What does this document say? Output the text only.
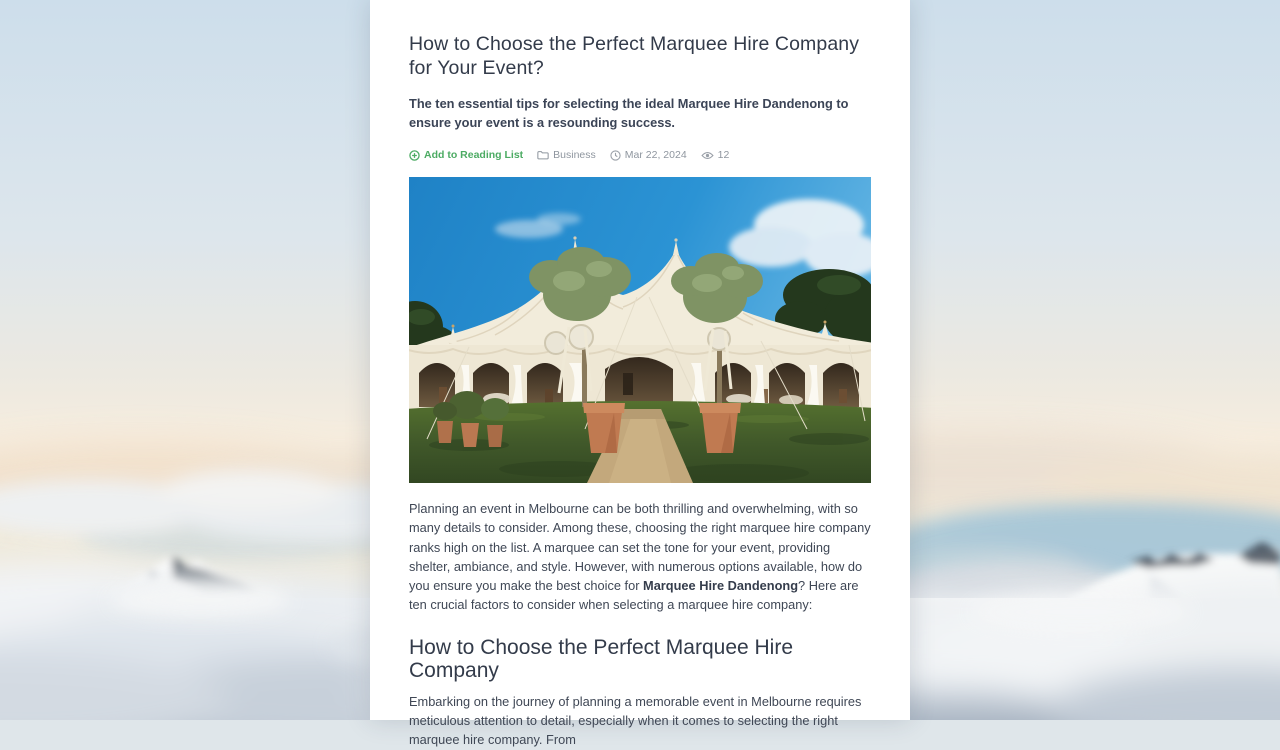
How to Choose the Perfect Marquee Hire Company for Your Event?

The ten essential tips for selecting the ideal Marquee Hire Dandenong to ensure your event is a resounding success.

Add to Reading List	Business	Mar 22, 2024	12

Planning an event in Melbourne can be both thrilling and overwhelming, with so many details to consider. Among these, choosing the right marquee hire company ranks high on the list. A marquee can set the tone for your event, providing shelter, ambiance, and style. However, with numerous options available, how do you ensure you make the best choice for Marquee Hire Dandenong? Here are ten crucial factors to consider when selecting a marquee hire company:

How to Choose the Perfect Marquee Hire Company

Embarking on the journey of planning a memorable event in Melbourne requires meticulous attention to detail, especially when it comes to selecting the right marquee hire company. From
